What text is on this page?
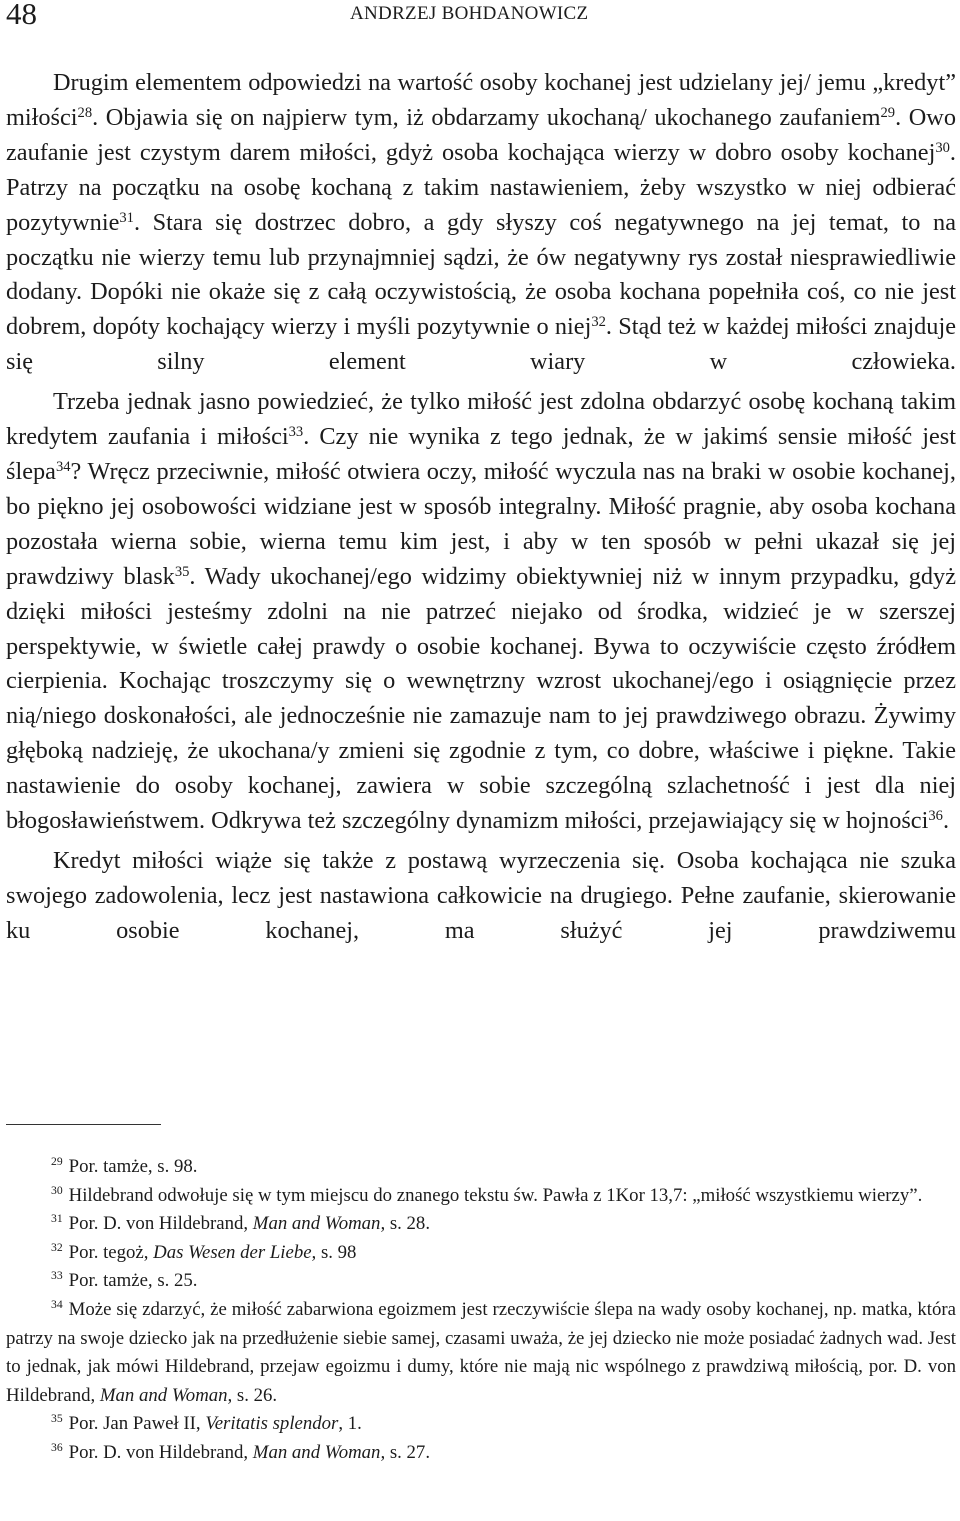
48	ANDRZEJ BOHDANOWICZ

Drugim elementem odpowiedzi na wartość osoby kochanej jest udzielany jej/ jemu „kredyt” miłości$^{28}$. Objawia się on najpierw tym, iż obdarzamy ukochaną/ ukochanego zaufaniem$^{29}$. Owo zaufanie jest czystym darem miłości, gdyż osoba kochająca wierzy w dobro osoby kochanej$^{30}$. Patrzy na początku na osobę kochaną z takim nastawieniem, żeby wszystko w niej odbierać pozytywnie$^{31}$. Stara się dostrzec dobro, a gdy słyszy coś negatywnego na jej temat, to na początku nie wierzy temu lub przynajmniej sądzi, że ów negatywny rys został niesprawiedliwie dodany. Dopóki nie okaże się z całą oczywistością, że osoba kochana popełniła coś, co nie jest dobrem, dopóty kochający wierzy i myśli pozytywnie o niej$^{32}$. Stąd też w każdej miłości znajduje się silny element wiary w człowieka.

Trzeba jednak jasno powiedzieć, że tylko miłość jest zdolna obdarzyć osobę kochaną takim kredytem zaufania i miłości$^{33}$. Czy nie wynika z tego jednak, że w jakimś sensie miłość jest ślepa$^{34}$? Wręcz przeciwnie, miłość otwiera oczy, miłość wyczula nas na braki w osobie kochanej, bo piękno jej osobowości widziane jest w sposób integralny. Miłość pragnie, aby osoba kochana pozostała wierna sobie, wierna temu kim jest, i aby w ten sposób w pełni ukazał się jej prawdziwy blask$^{35}$. Wady ukochanej/ego widzimy obiektywniej niż w innym przypadku, gdyż dzięki miłości jesteśmy zdolni na nie patrzeć niejako od środka, widzieć je w szerszej perspektywie, w świetle całej prawdy o osobie kochanej. Bywa to oczywiście często źródłem cierpienia. Kochając troszczymy się o wewnętrzny wzrost ukochanej/ego i osiągnięcie przez nią/niego doskonałości, ale jednocześnie nie zamazuje nam to jej prawdziwego obrazu. Żywimy głęboką nadzieję, że ukochana/y zmieni się zgodnie z tym, co dobre, właściwe i piękne. Takie nastawienie do osoby kochanej, zawiera w sobie szczególną szlachetność i jest dla niej błogosławieństwem. Odkrywa też szczególny dynamizm miłości, przejawiający się w hojności$^{36}$.

Kredyt miłości wiąże się także z postawą wyrzeczenia się. Osoba kochająca nie szuka swojego zadowolenia, lecz jest nastawiona całkowicie na drugiego. Pełne zaufanie, skierowanie ku osobie kochanej, ma służyć jej prawdziwemu

$^{29}$ Por. tamże, s. 98.

$^{30}$ Hildebrand odwołuje się w tym miejscu do znanego tekstu św. Pawła z 1Kor 13,7: „miłość wszystkiemu wierzy”.

$^{31}$ Por. D. von Hildebrand, Man and Woman, s. 28.

$^{32}$ Por. tegoż, Das Wesen der Liebe, s. 98

$^{33}$ Por. tamże, s. 25.

$^{34}$ Może się zdarzyć, że miłość zabarwiona egoizmem jest rzeczywiście ślepa na wady osoby kochanej, np. matka, która patrzy na swoje dziecko jak na przedłużenie siebie samej, czasami uważa, że jej dziecko nie może posiadać żadnych wad. Jest to jednak, jak mówi Hildebrand, przejaw egoizmu i dumy, które nie mają nic wspólnego z prawdziwą miłością, por. D. von Hildebrand, Man and Woman, s. 26.

$^{35}$ Por. Jan Paweł II, Veritatis splendor, 1.

$^{36}$ Por. D. von Hildebrand, Man and Woman, s. 27.
